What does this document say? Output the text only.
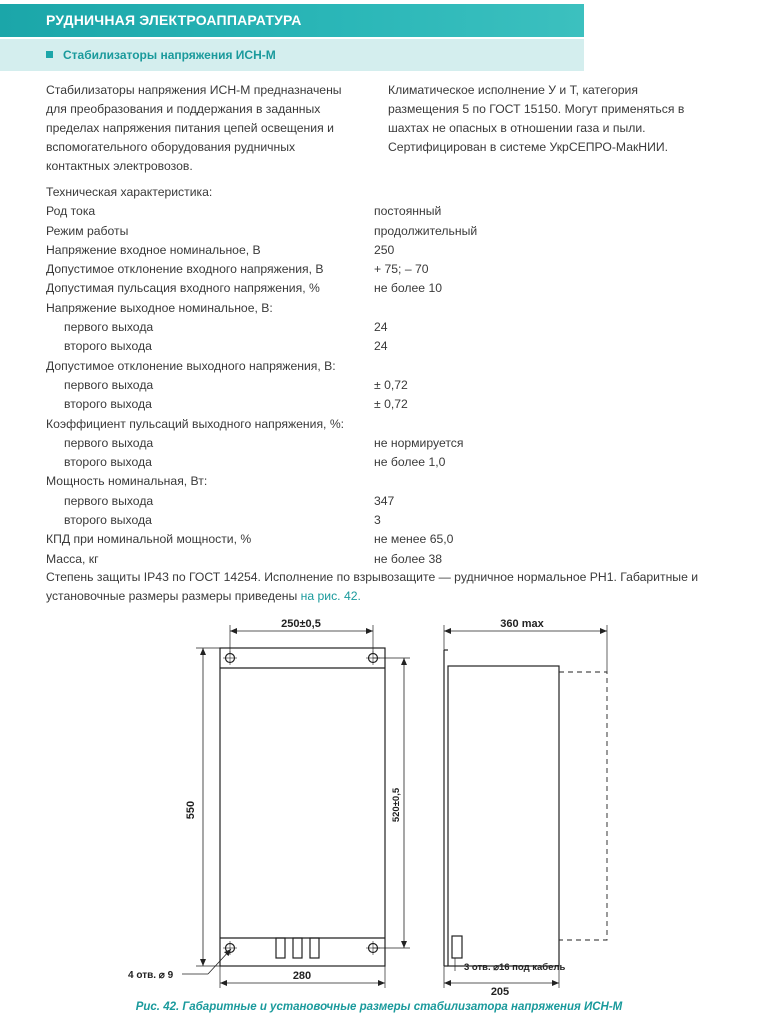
РУДНИЧНАЯ ЭЛЕКТРОАППАРАТУРА
Стабилизаторы напряжения ИСН-М

Стабилизаторы напряжения ИСН-М предназначены для преобразования и поддержания в заданных пределах напряжения питания цепей освещения и вспомогательного оборудования рудничных контактных электровозов.

Климатическое исполнение У и Т, категория размещения 5 по ГОСТ 15150. Могут применяться в шахтах не опасных в отношении газа и пыли. Сертифицирован в системе УкрСЕПРО-МакНИИ.

Техническая характеристика:
Род тока	постоянный
Режим работы	продолжительный
Напряжение входное номинальное, В	250
Допустимое отклонение входного напряжения, В	+ 75; – 70
Допустимая пульсация входного напряжения, %	не более 10
Напряжение выходное номинальное, В:
первого выхода	24
второго выхода	24
Допустимое отклонение выходного напряжения, В:
первого выхода	± 0,72
второго выхода	± 0,72
Коэффициент пульсаций выходного напряжения, %:
первого выхода	не нормируется
второго выхода	не более 1,0
Мощность номинальная, Вт:
первого выхода	347
второго выхода	3
КПД при номинальной мощности, %	не менее 65,0
Масса, кг	не более 38

Степень защиты IP43 по ГОСТ 14254. Исполнение по взрывозащите — рудничное нормальное РН1. Габаритные и установочные размеры размеры приведены на рис. 42.

250±0,5
550	520±0,5
280
4 отв. ⌀ 9
360 max
3 отв. ⌀16 под кабель
205
Рис. 42. Габаритные и установочные размеры стабилизатора напряжения ИСН-М
